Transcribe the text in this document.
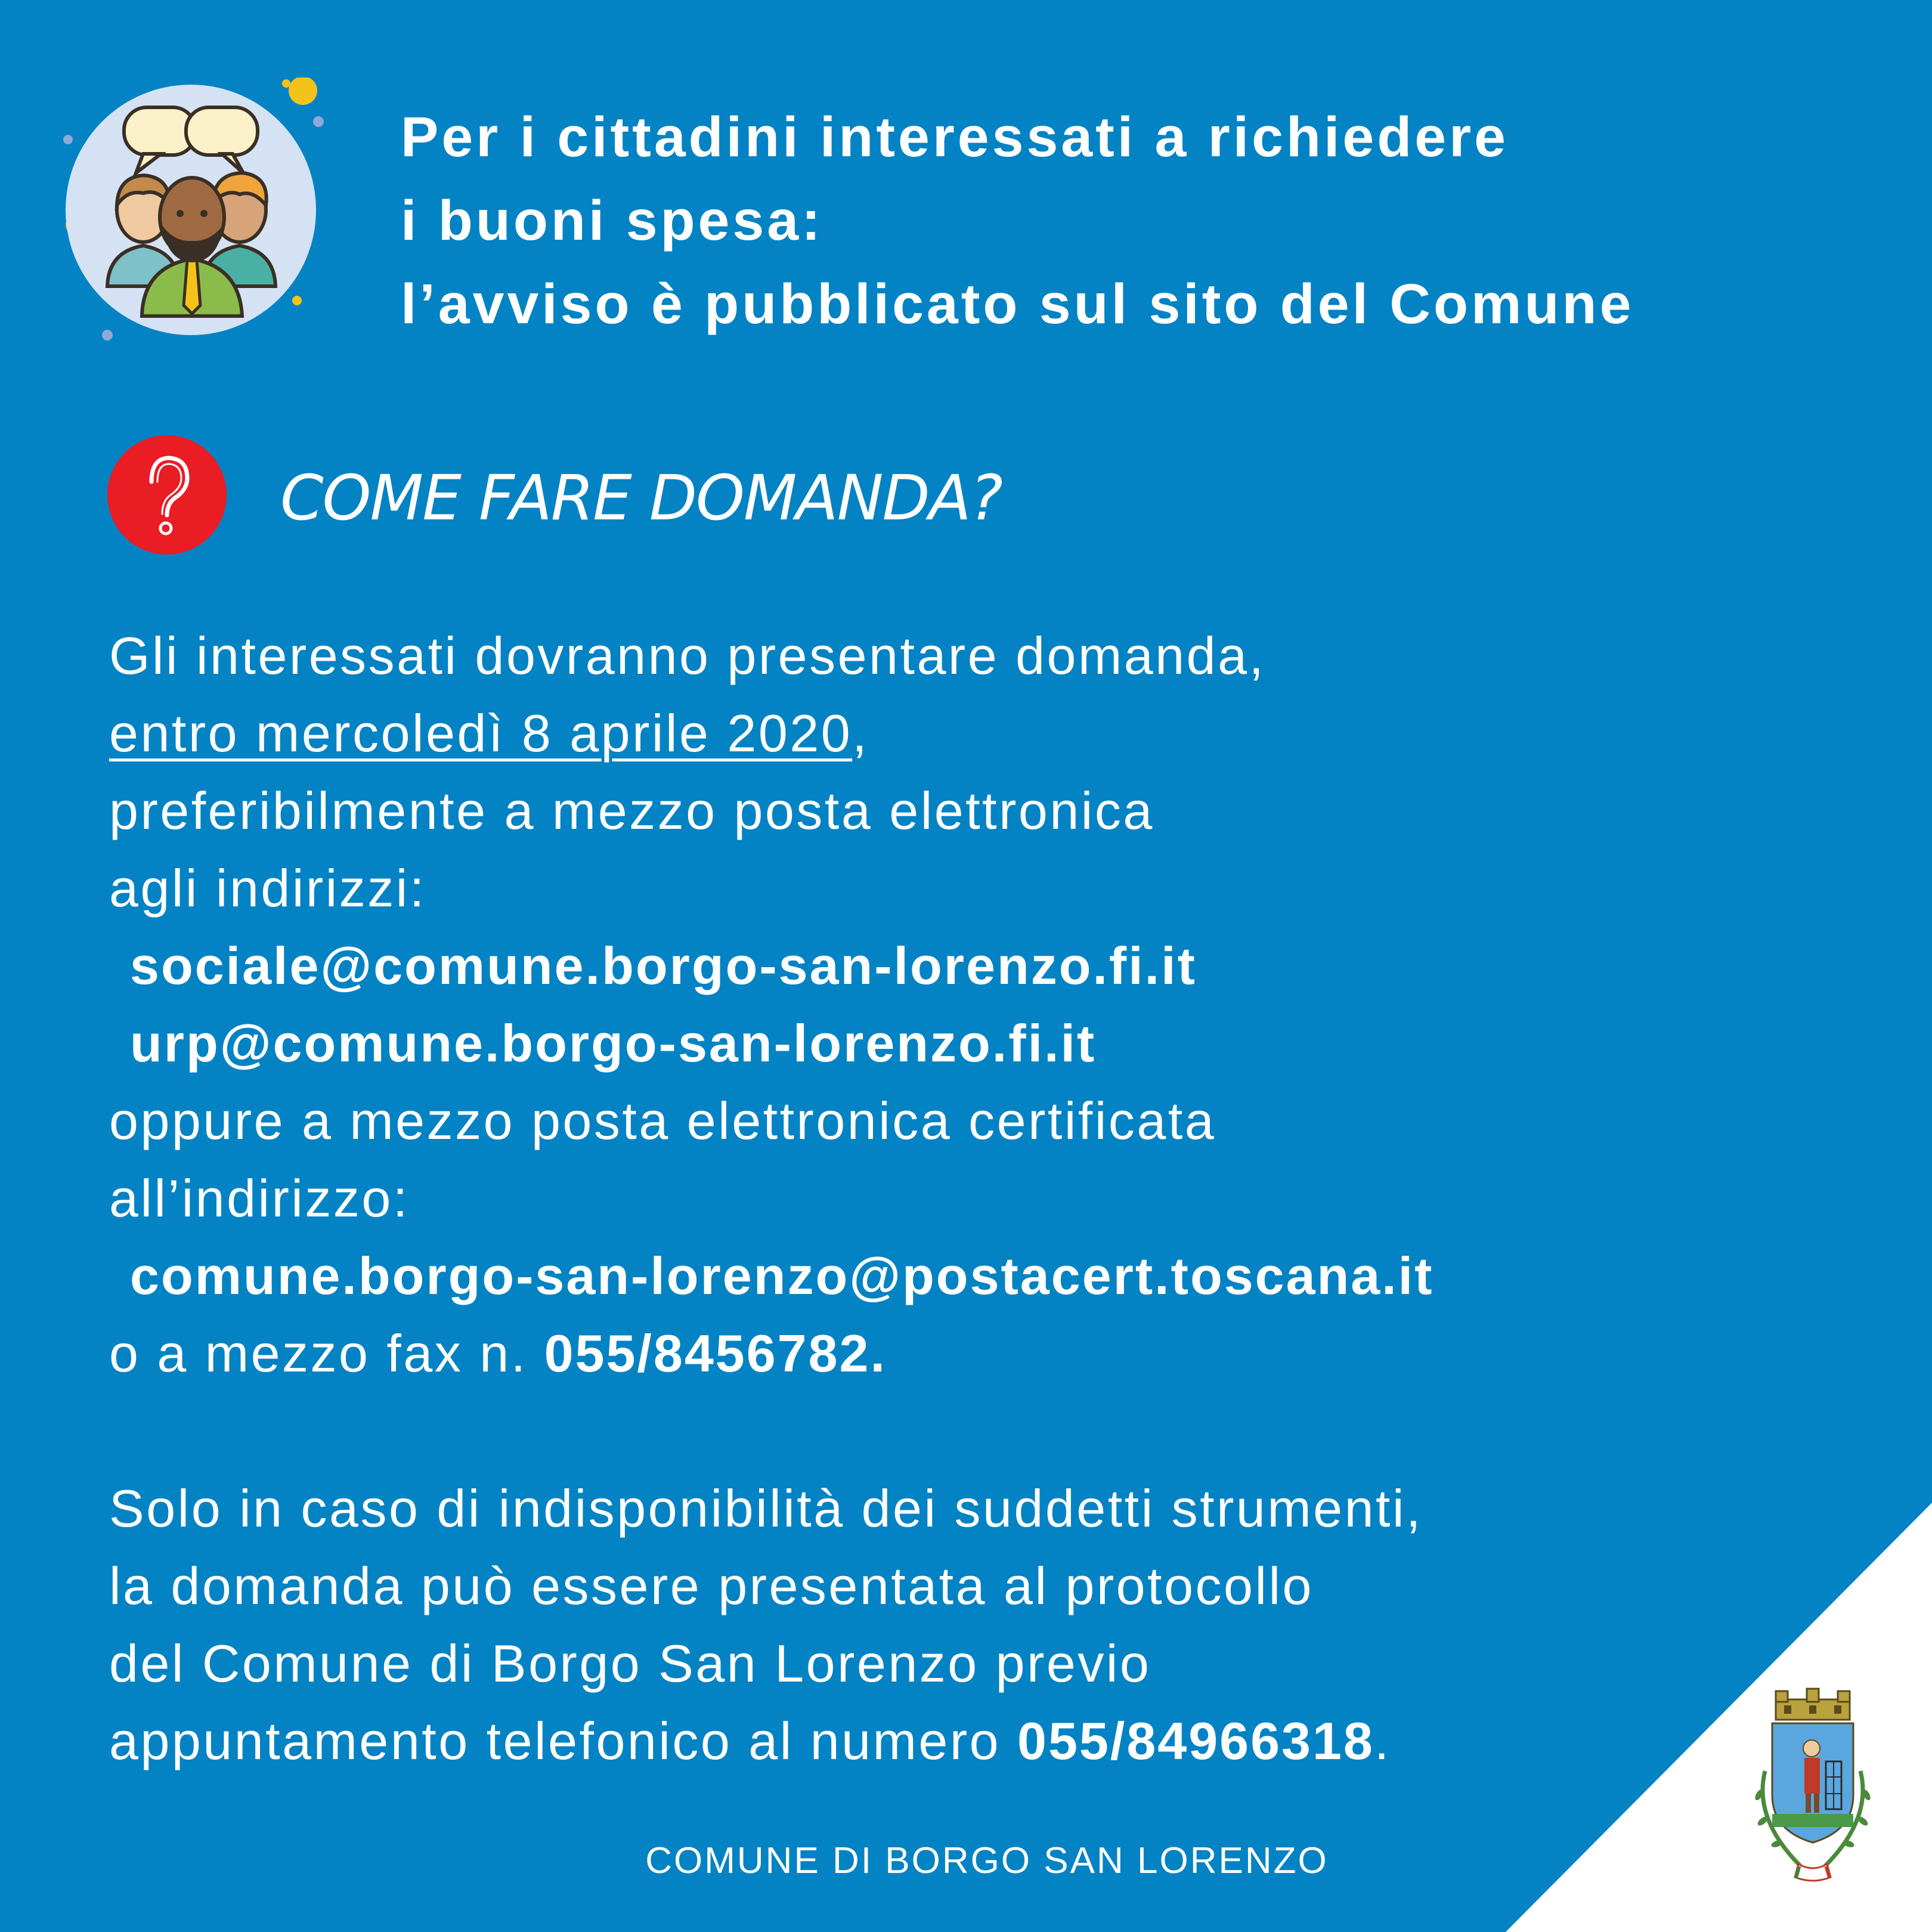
Per i cittadini interessati a richiedere
i buoni spesa:
l’avviso è pubblicato sul sito del Comune
COME FARE DOMANDA?
Gli interessati dovranno presentare domanda,
entro mercoledì 8 aprile 2020,
preferibilmente a mezzo posta elettronica
agli indirizzi:
sociale@comune.borgo-san-lorenzo.fi.it
urp@comune.borgo-san-lorenzo.fi.it
oppure a mezzo posta elettronica certificata
all’indirizzo:
comune.borgo-san-lorenzo@postacert.toscana.it
o a mezzo fax n. 055/8456782.
Solo in caso di indisponibilità dei suddetti strumenti,
la domanda può essere presentata al protocollo
del Comune di Borgo San Lorenzo previo
appuntamento telefonico al numero 055/84966318.
COMUNE DI BORGO SAN LORENZO
